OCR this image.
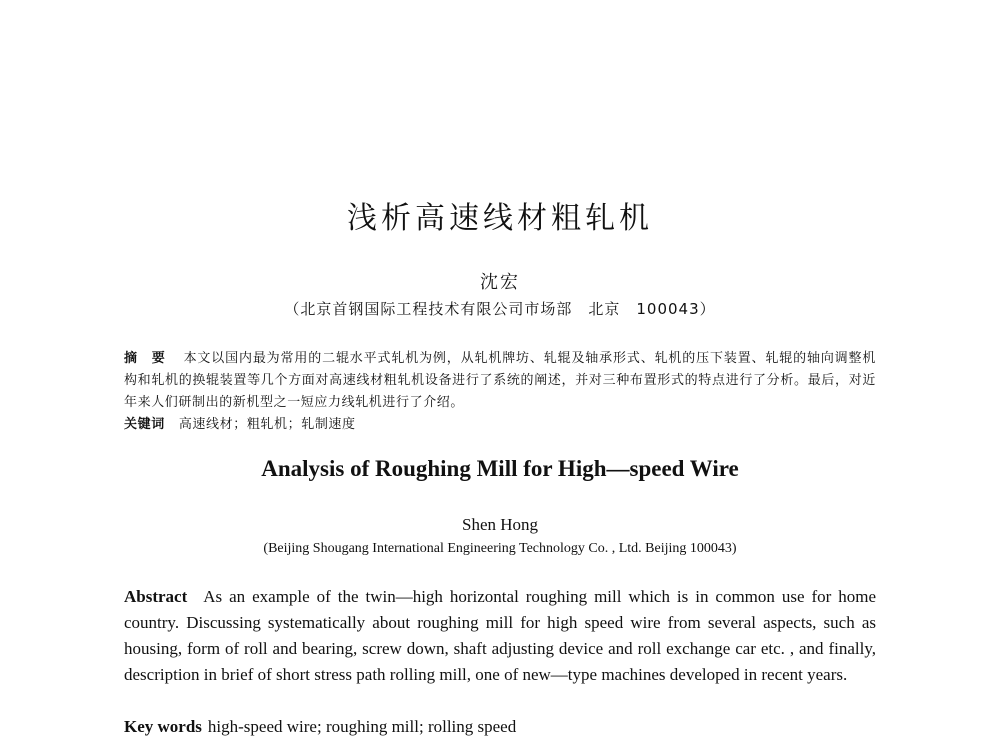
浅析高速线材粗轧机
沈宏
（北京首钢国际工程技术有限公司市场部　北京　100043）
摘　要 本文以国内最为常用的二辊水平式轧机为例，从轧机牌坊、轧辊及轴承形式、轧机的压下装置、轧辊的轴向调整机构和轧机的换辊装置等几个方面对高速线材粗轧机设备进行了系统的阐述，并对三种布置形式的特点进行了分析。最后，对近年来人们研制出的新机型之一短应力线轧机进行了介绍。
关键词 高速线材；粗轧机；轧制速度
Analysis of Roughing Mill for High—speed Wire
Shen Hong
(Beijing Shougang International Engineering Technology Co. , Ltd. Beijing 100043)
Abstract As an example of the twin—high horizontal roughing mill which is in common use for home country. Discussing systematically about roughing mill for high speed wire from several aspects, such as housing, form of roll and bearing, screw down, shaft adjusting device and roll exchange car etc. , and finally, description in brief of short stress path rolling mill, one of new—type machines developed in recent years.
Key words high-speed wire; roughing mill; rolling speed
